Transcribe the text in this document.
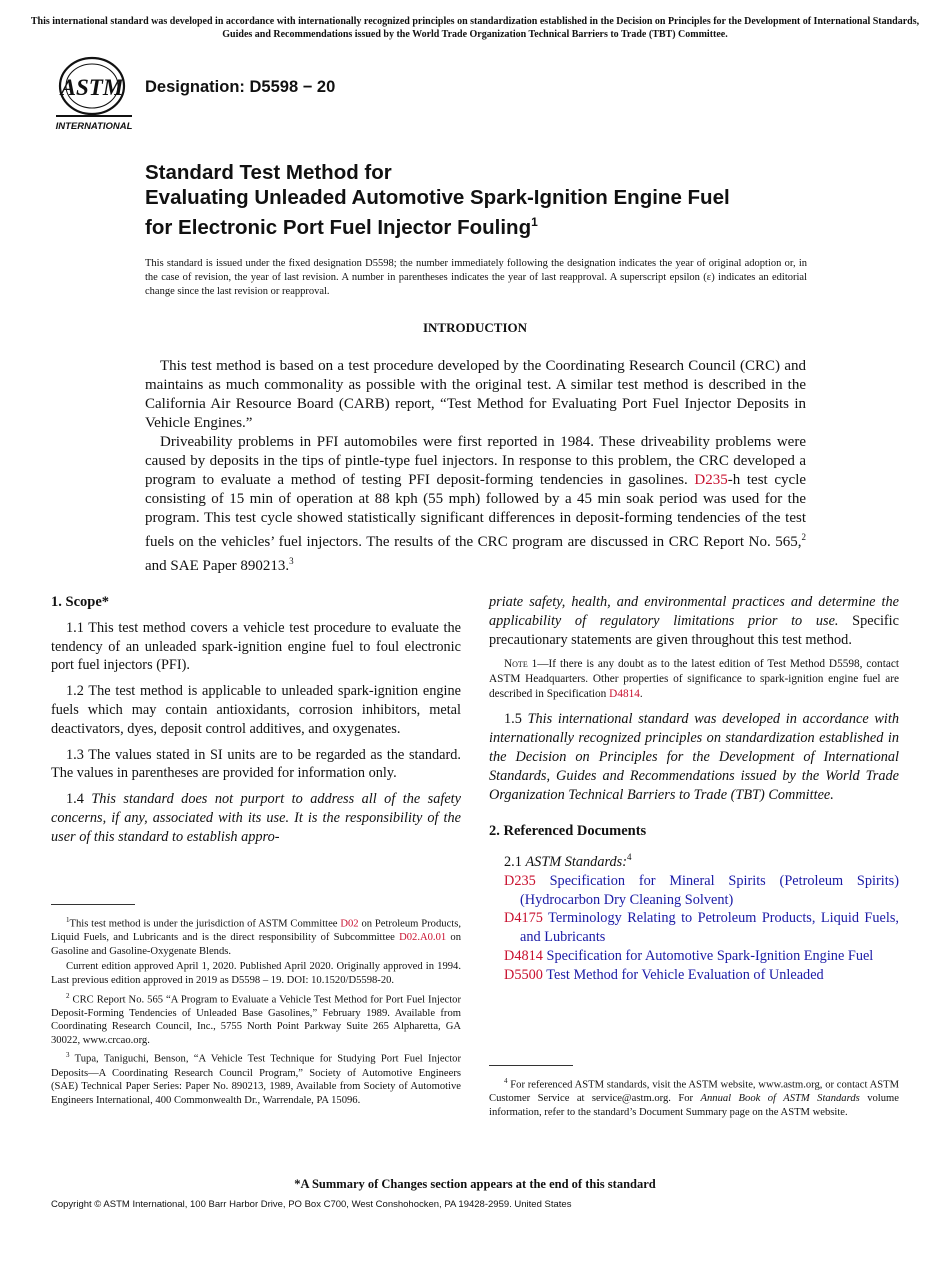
This international standard was developed in accordance with internationally recognized principles on standardization established in the Decision on Principles for the Development of International Standards, Guides and Recommendations issued by the World Trade Organization Technical Barriers to Trade (TBT) Committee.
ASTM
INTERNATIONAL
Designation: D5598 − 20
Standard Test Method for
Evaluating Unleaded Automotive Spark-Ignition Engine Fuel
for Electronic Port Fuel Injector Fouling$^1$
This standard is issued under the fixed designation D5598; the number immediately following the designation indicates the year of original adoption or, in the case of revision, the year of last revision. A number in parentheses indicates the year of last reapproval. A superscript epsilon (ε) indicates an editorial change since the last revision or reapproval.
INTRODUCTION

This test method is based on a test procedure developed by the Coordinating Research Council (CRC) and maintains as much commonality as possible with the original test. A similar test method is described in the California Air Resource Board (CARB) report, “Test Method for Evaluating Port Fuel Injector Deposits in Vehicle Engines.”

Driveability problems in PFI automobiles were first reported in 1984. These driveability problems were caused by deposits in the tips of pintle-type fuel injectors. In response to this problem, the CRC developed a program to evaluate a method of testing PFI deposit-forming tendencies in gasolines. D235-h test cycle consisting of 15 min of operation at 88 kph (55 mph) followed by a 45 min soak period was used for the program. This test cycle showed statistically significant differences in deposit-forming tendencies of the test fuels on the vehicles’ fuel injectors. The results of the CRC program are discussed in CRC Report No. 565,$^2$ and SAE Paper 890213.$^3$

1. Scope*

1.1 This test method covers a vehicle test procedure to evaluate the tendency of an unleaded spark-ignition engine fuel to foul electronic port fuel injectors (PFI).

1.2 The test method is applicable to unleaded spark-ignition engine fuels which may contain antioxidants, corrosion inhibitors, metal deactivators, dyes, deposit control additives, and oxygenates.

1.3 The values stated in SI units are to be regarded as the standard. The values in parentheses are provided for information only.

1.4 This standard does not purport to address all of the safety concerns, if any, associated with its use. It is the responsibility of the user of this standard to establish appro-

$^1$This test method is under the jurisdiction of ASTM Committee D02 on Petroleum Products, Liquid Fuels, and Lubricants and is the direct responsibility of Subcommittee D02.A0.01 on Gasoline and Gasoline-Oxygenate Blends.

Current edition approved April 1, 2020. Published April 2020. Originally approved in 1994. Last previous edition approved in 2019 as D5598 – 19. DOI: 10.1520/D5598-20.

$^2$ CRC Report No. 565 “A Program to Evaluate a Vehicle Test Method for Port Fuel Injector Deposit-Forming Tendencies of Unleaded Base Gasolines,” February 1989. Available from Coordinating Research Council, Inc., 5755 North Point Parkway Suite 265 Alpharetta, GA 30022, www.crcao.org.

$^3$ Tupa, Taniguchi, Benson, “A Vehicle Test Technique for Studying Port Fuel Injector Deposits—A Coordinating Research Council Program,” Society of Automotive Engineers (SAE) Technical Paper Series: Paper No. 890213, 1989, Available from Society of Automotive Engineers International, 400 Commonwealth Dr., Warrendale, PA 15096.

priate safety, health, and environmental practices and determine the applicability of regulatory limitations prior to use. Specific precautionary statements are given throughout this test method.

Note 1—If there is any doubt as to the latest edition of Test Method D5598, contact ASTM Headquarters. Other properties of significance to spark-ignition engine fuel are described in Specification D4814.

1.5 This international standard was developed in accordance with internationally recognized principles on standardization established in the Decision on Principles for the Development of International Standards, Guides and Recommendations issued by the World Trade Organization Technical Barriers to Trade (TBT) Committee.

2. Referenced Documents

2.1 ASTM Standards:$^4$

D235 Specification for Mineral Spirits (Petroleum Spirits) (Hydrocarbon Dry Cleaning Solvent)

D4175 Terminology Relating to Petroleum Products, Liquid Fuels, and Lubricants

D4814 Specification for Automotive Spark-Ignition Engine Fuel

D5500 Test Method for Vehicle Evaluation of Unleaded

$^4$ For referenced ASTM standards, visit the ASTM website, www.astm.org, or contact ASTM Customer Service at service@astm.org. For Annual Book of ASTM Standards volume information, refer to the standard’s Document Summary page on the ASTM website.

*A Summary of Changes section appears at the end of this standard
Copyright © ASTM International, 100 Barr Harbor Drive, PO Box C700, West Conshohocken, PA 19428-2959. United States
